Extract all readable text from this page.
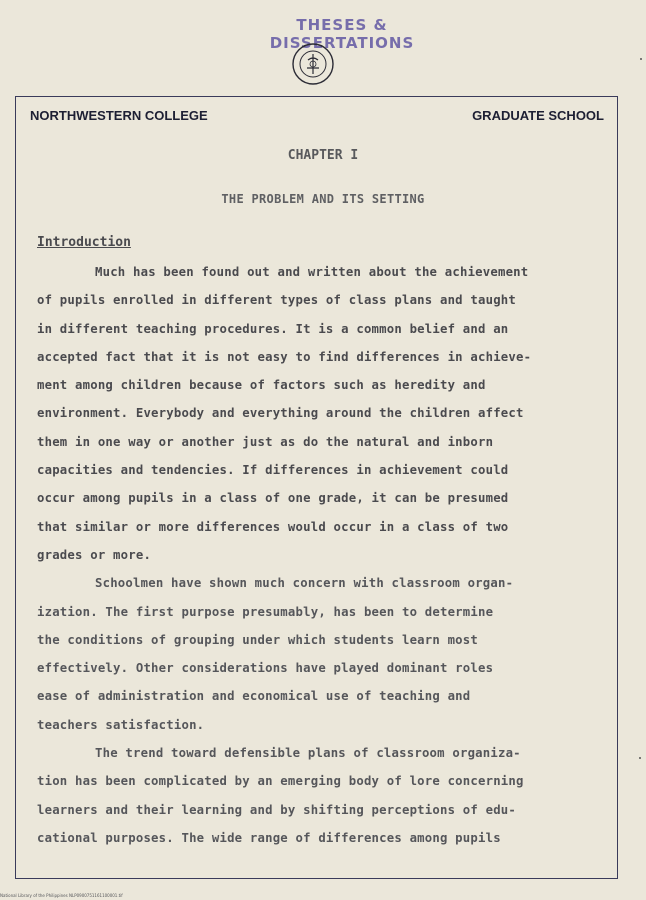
THESES & DISSERTATIONS
NORTHWESTERN COLLEGE	GRADUATE SCHOOL
CHAPTER I
THE PROBLEM AND ITS SETTING
Introduction
Much has been found out and written about the achievement
of pupils enrolled in different types of class plans and taught
in different teaching procedures. It is a common belief and an
accepted fact that it is not easy to find differences in achieve-
ment among children because of factors such as heredity and
environment. Everybody and everything around the children affect
them in one way or another just as do the natural and inborn
capacities and tendencies. If differences in achievement could
occur among pupils in a class of one grade, it can be presumed
that similar or more differences would occur in a class of two
grades or more.
Schoolmen have shown much concern with classroom organ-
ization. The first purpose presumably, has been to determine
the conditions of grouping under which students learn most
effectively. Other considerations have played dominant roles
ease of administration and economical use of teaching and
teachers satisfaction.
The trend toward defensible plans of classroom organiza-
tion has been complicated by an emerging body of lore concerning
learners and their learning and by shifting perceptions of edu-
cational purposes. The wide range of differences among pupils
National Library of the Philippines NLP0900751161100001.tif
